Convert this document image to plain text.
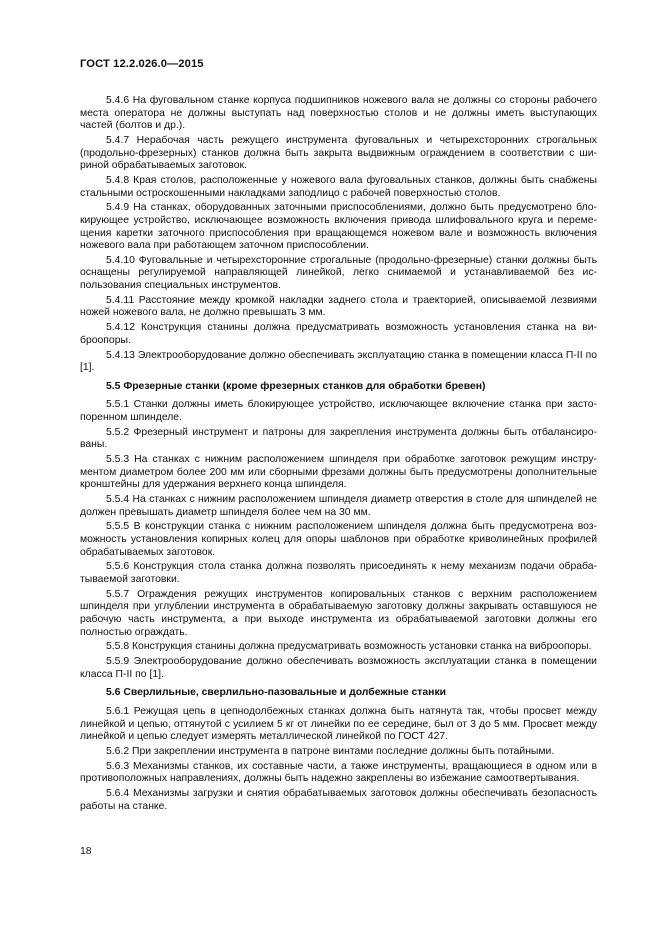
ГОСТ 12.2.026.0—2015

5.4.6 На фуговальном станке корпуса подшипников ножевого вала не должны со стороны рабочего места оператора не должны выступать над поверхностью столов и не должны иметь выступающих частей (болтов и др.).

5.4.7 Нерабочая часть режущего инструмента фуговальных и четырехсторонних строгальных (продольно-фрезерных) станков должна быть закрыта выдвижным ограждением в соответствии с шириной обрабатываемых заготовок.

5.4.8 Края столов, расположенные у ножевого вала фуговальных станков, должны быть снабжены стальными остроскошенными накладками заподлицо с рабочей поверхностью столов.

5.4.9 На станках, оборудованных заточными приспособлениями, должно быть предусмотрено блокирующее устройство, исключающее возможность включения привода шлифовального круга и перемещения каретки заточного приспособления при вращающемся ножевом вале и возможность включения ножевого вала при работающем заточном приспособлении.

5.4.10 Фуговальные и четырехсторонние строгальные (продольно-фрезерные) станки должны быть оснащены регулируемой направляющей линейкой, легко снимаемой и устанавливаемой без использования специальных инструментов.

5.4.11 Расстояние между кромкой накладки заднего стола и траекторией, описываемой лезвиями ножей ножевого вала, не должно превышать 3 мм.

5.4.12 Конструкция станины должна предусматривать возможность установления станка на виброопоры.

5.4.13 Электрооборудование должно обеспечивать эксплуатацию станка в помещении класса П-II по [1].

5.5 Фрезерные станки (кроме фрезерных станков для обработки бревен)

5.5.1 Станки должны иметь блокирующее устройство, исключающее включение станка при застопоренном шпинделе.

5.5.2 Фрезерный инструмент и патроны для закрепления инструмента должны быть отбалансированы.

5.5.3 На станках с нижним расположением шпинделя при обработке заготовок режущим инструментом диаметром более 200 мм или сборными фрезами должны быть предусмотрены дополнительные кронштейны для удержания верхнего конца шпинделя.

5.5.4 На станках с нижним расположением шпинделя диаметр отверстия в столе для шпинделей не должен превышать диаметр шпинделя более чем на 30 мм.

5.5.5 В конструкции станка с нижним расположением шпинделя должна быть предусмотрена возможность установления копирных колец для опоры шаблонов при обработке криволинейных профилей обрабатываемых заготовок.

5.5.6 Конструкция стола станка должна позволять присоединять к нему механизм подачи обрабатываемой заготовки.

5.5.7 Ограждения режущих инструментов копировальных станков с верхним расположением шпинделя при углублении инструмента в обрабатываемую заготовку должны закрывать оставшуюся не рабочую часть инструмента, а при выходе инструмента из обрабатываемой заготовки должны его полностью ограждать.

5.5.8 Конструкция станины должна предусматривать возможность установки станка на виброопоры.

5.5.9 Электрооборудование должно обеспечивать возможность эксплуатации станка в помещении класса П-II по [1].

5.6 Сверлильные, сверлильно-пазовальные и долбежные станки

5.6.1 Режущая цепь в цепнодолбежных станках должна быть натянута так, чтобы просвет между линейкой и цепью, оттянутой с усилием 5 кг от линейки по ее середине, был от 3 до 5 мм. Просвет между линейкой и цепью следует измерять металлической линейкой по ГОСТ 427.

5.6.2 При закреплении инструмента в патроне винтами последние должны быть потайными.

5.6.3 Механизмы станков, их составные части, а также инструменты, вращающиеся в одном или в противоположных направлениях, должны быть надежно закреплены во избежание самоотвертывания.

5.6.4 Механизмы загрузки и снятия обрабатываемых заготовок должны обеспечивать безопасность работы на станке.

18
